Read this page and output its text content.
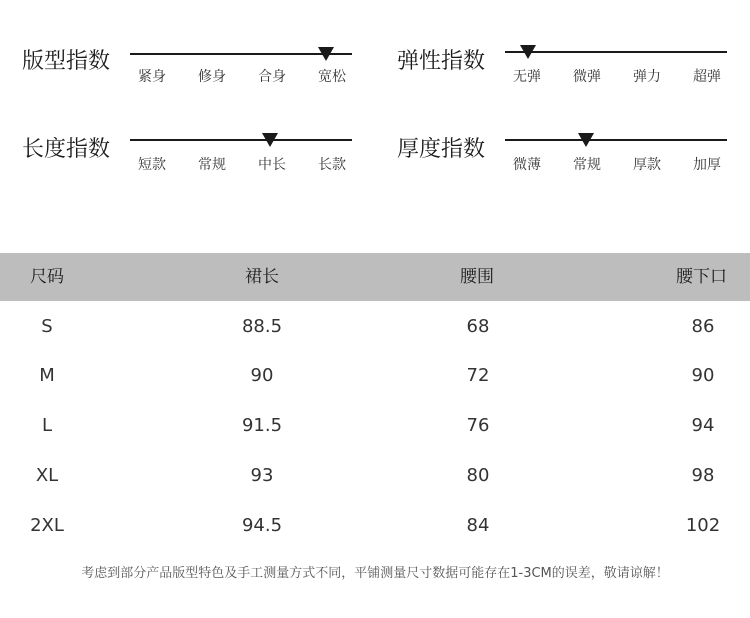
版型指数
紧身 修身 合身 宽松
弹性指数
无弹 微弹 弹力 超弹
长度指数
短款 常规 中长 长款
厚度指数
微薄 常规 厚款 加厚
尺码	裙长	腰围	腰下口
S	88.5	68	86
M	90	72	90
L	91.5	76	94
XL	93	80	98
2XL	94.5	84	102
考虑到部分产品版型特色及手工测量方式不同，平铺测量尺寸数据可能存在1-3CM的误差，敬请谅解！
